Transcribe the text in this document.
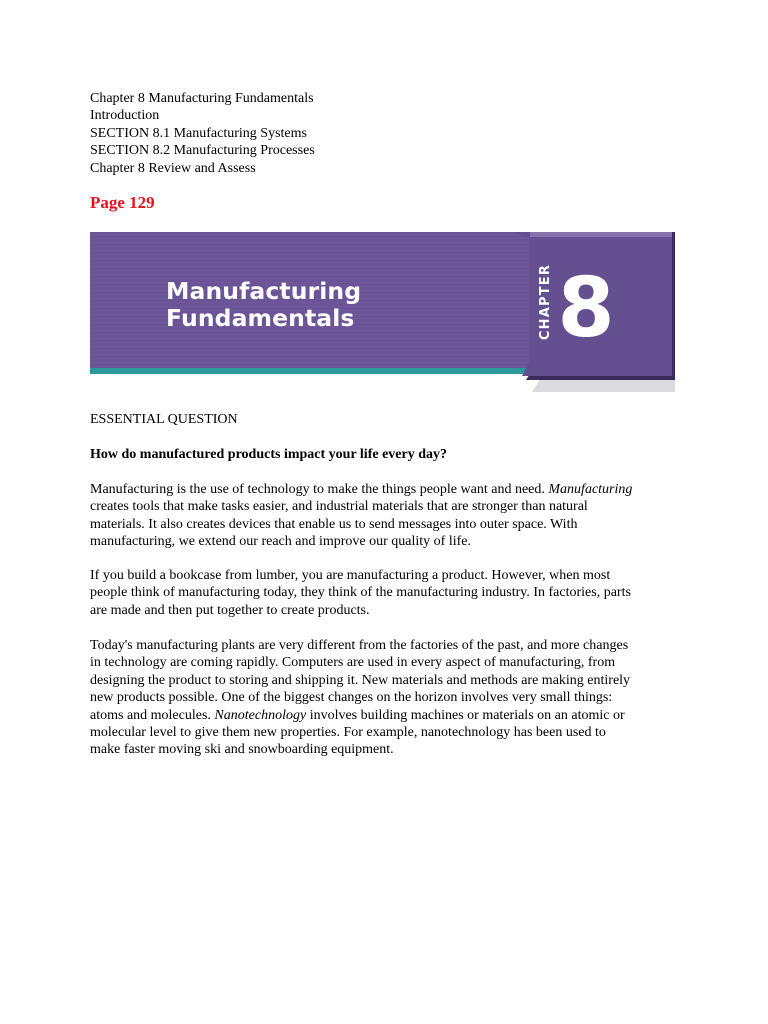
Chapter 8 Manufacturing Fundamentals
Introduction
SECTION 8.1 Manufacturing Systems
SECTION 8.2 Manufacturing Processes
Chapter 8 Review and Assess
Page 129
Manufacturing
Fundamentals	CHAPTER 8
ESSENTIAL QUESTION
How do manufactured products impact your life every day?
Manufacturing is the use of technology to make the things people want and need. Manufacturing
creates tools that make tasks easier, and industrial materials that are stronger than natural
materials. It also creates devices that enable us to send messages into outer space. With
manufacturing, we extend our reach and improve our quality of life.
If you build a bookcase from lumber, you are manufacturing a product. However, when most
people think of manufacturing today, they think of the manufacturing industry. In factories, parts
are made and then put together to create products.
Today's manufacturing plants are very different from the factories of the past, and more changes
in technology are coming rapidly. Computers are used in every aspect of manufacturing, from
designing the product to storing and shipping it. New materials and methods are making entirely
new products possible. One of the biggest changes on the horizon involves very small things:
atoms and molecules. Nanotechnology involves building machines or materials on an atomic or
molecular level to give them new properties. For example, nanotechnology has been used to
make faster moving ski and snowboarding equipment.
